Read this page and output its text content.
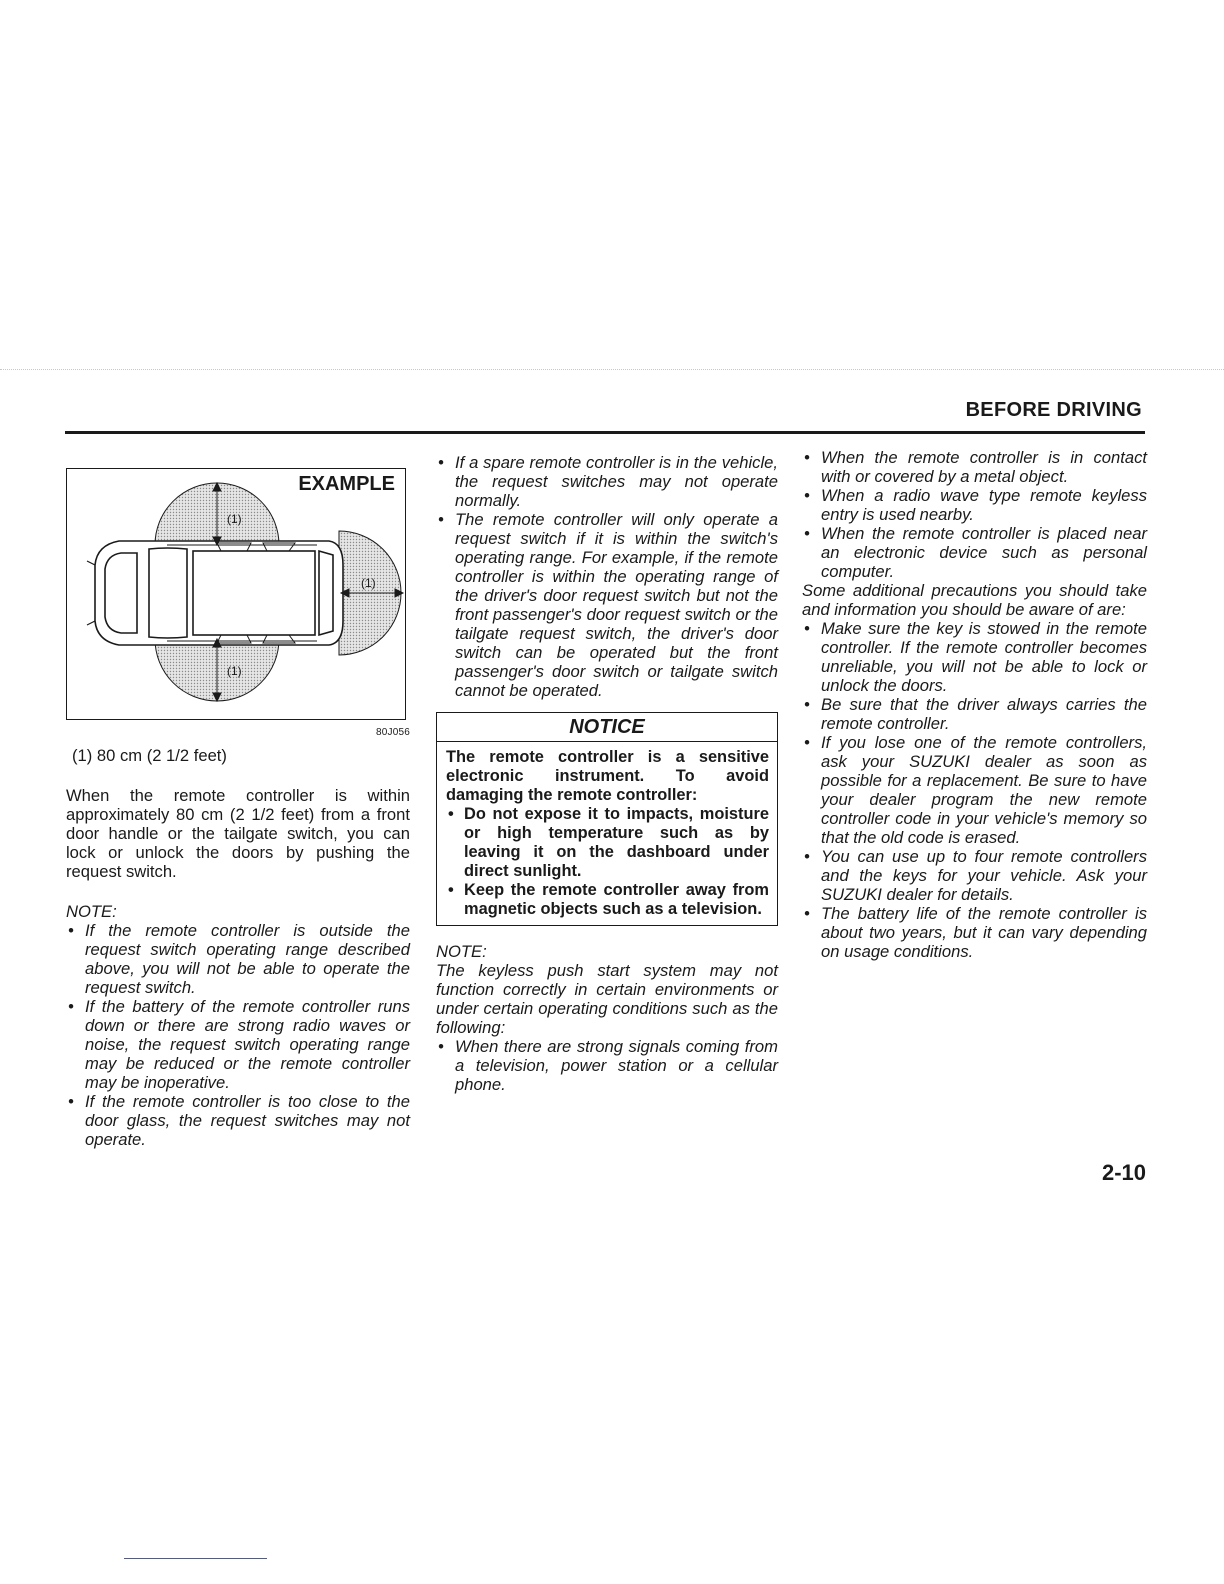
BEFORE DRIVING
(1)
(1)
(1)
EXAMPLE
80J056
(1) 80 cm (2 1/2 feet)

When the remote controller is within approximately 80 cm (2 1/2 feet) from a front door handle or the tailgate switch, you can lock or unlock the doors by pushing the request switch.

NOTE:

• If the remote controller is outside the request switch operating range described above, you will not be able to operate the request switch.
• If the battery of the remote controller runs down or there are strong radio waves or noise, the request switch operating range may be reduced or the remote controller may be inoperative.
• If the remote controller is too close to the door glass, the request switches may not operate.
• If a spare remote controller is in the vehicle, the request switches may not operate normally.
• The remote controller will only operate a request switch if it is within the switch's operating range. For example, if the remote controller is within the operating range of the driver's door request switch but not the front passenger's door request switch or the tailgate request switch, the driver's door switch can be operated but the front passenger's door switch or tailgate switch cannot be operated.
NOTICE

The remote controller is a sensitive electronic instrument. To avoid damaging the remote controller:

• Do not expose it to impacts, moisture or high temperature such as by leaving it on the dashboard under direct sunlight.
• Keep the remote controller away from magnetic objects such as a television.

NOTE:

The keyless push start system may not function correctly in certain environments or under certain operating conditions such as the following:

• When there are strong signals coming from a television, power station or a cellular phone.
• When the remote controller is in contact with or covered by a metal object.
• When a radio wave type remote keyless entry is used nearby.
• When the remote controller is placed near an electronic device such as personal computer.

Some additional precautions you should take and information you should be aware of are:

• Make sure the key is stowed in the remote controller. If the remote controller becomes unreliable, you will not be able to lock or unlock the doors.
• Be sure that the driver always carries the remote controller.
• If you lose one of the remote controllers, ask your SUZUKI dealer as soon as possible for a replacement. Be sure to have your dealer program the new remote controller code in your vehicle's memory so that the old code is erased.
• You can use up to four remote controllers and the keys for your vehicle. Ask your SUZUKI dealer for details.
• The battery life of the remote controller is about two years, but it can vary depending on usage conditions.
2-10
